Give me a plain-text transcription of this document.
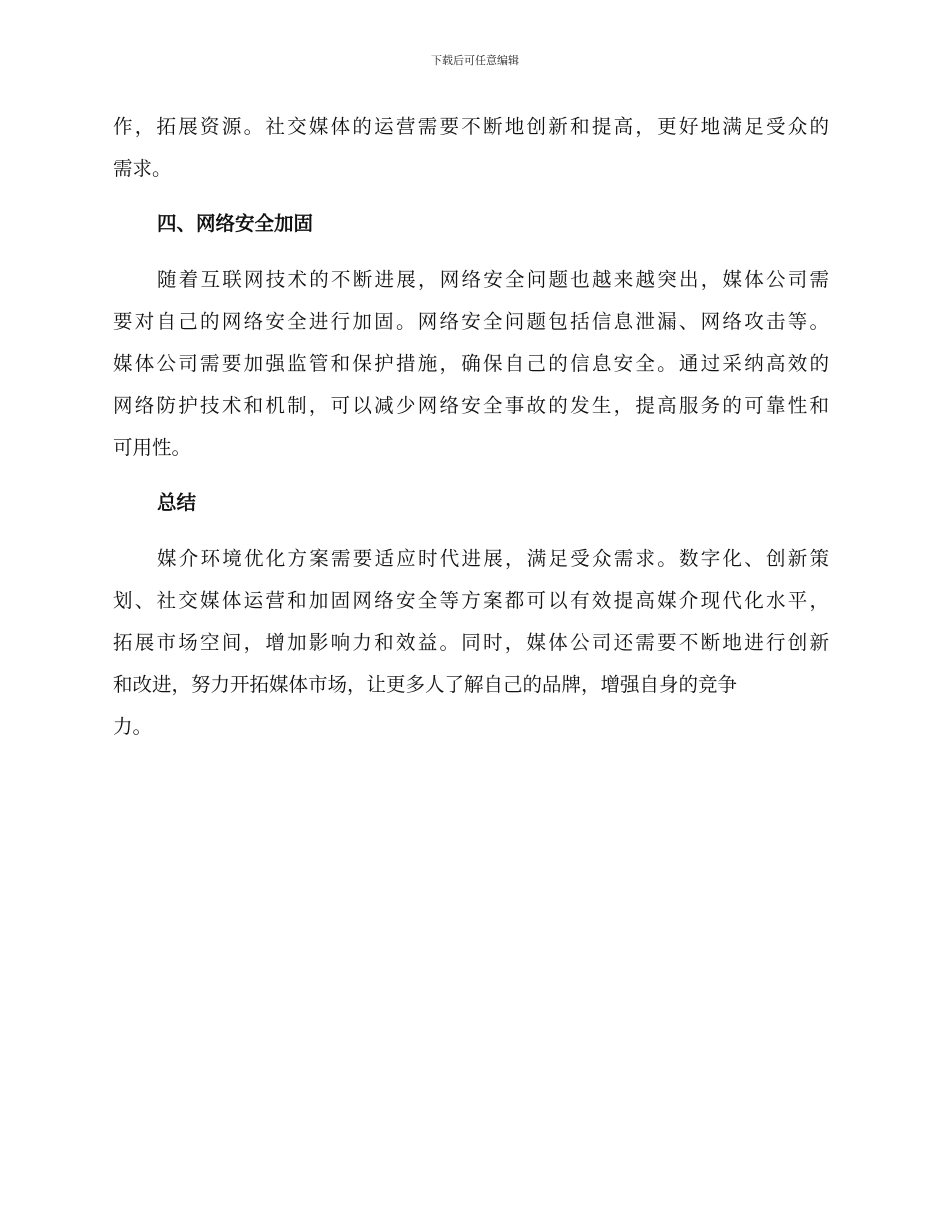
下载后可任意编辑
作，拓展资源。社交媒体的运营需要不断地创新和提高，更好地满足受众的
需求。
四、网络安全加固
随着互联网技术的不断进展，网络安全问题也越来越突出，媒体公司需
要对自己的网络安全进行加固。网络安全问题包括信息泄漏、网络攻击等。
媒体公司需要加强监管和保护措施，确保自己的信息安全。通过采纳高效的
网络防护技术和机制，可以减少网络安全事故的发生，提高服务的可靠性和
可用性。
总结
媒介环境优化方案需要适应时代进展，满足受众需求。数字化、创新策
划、社交媒体运营和加固网络安全等方案都可以有效提高媒介现代化水平，
拓展市场空间，增加影响力和效益。同时，媒体公司还需要不断地进行创新
和改进，努力开拓媒体市场，让更多人了解自己的品牌，增强自身的竞争
力。
